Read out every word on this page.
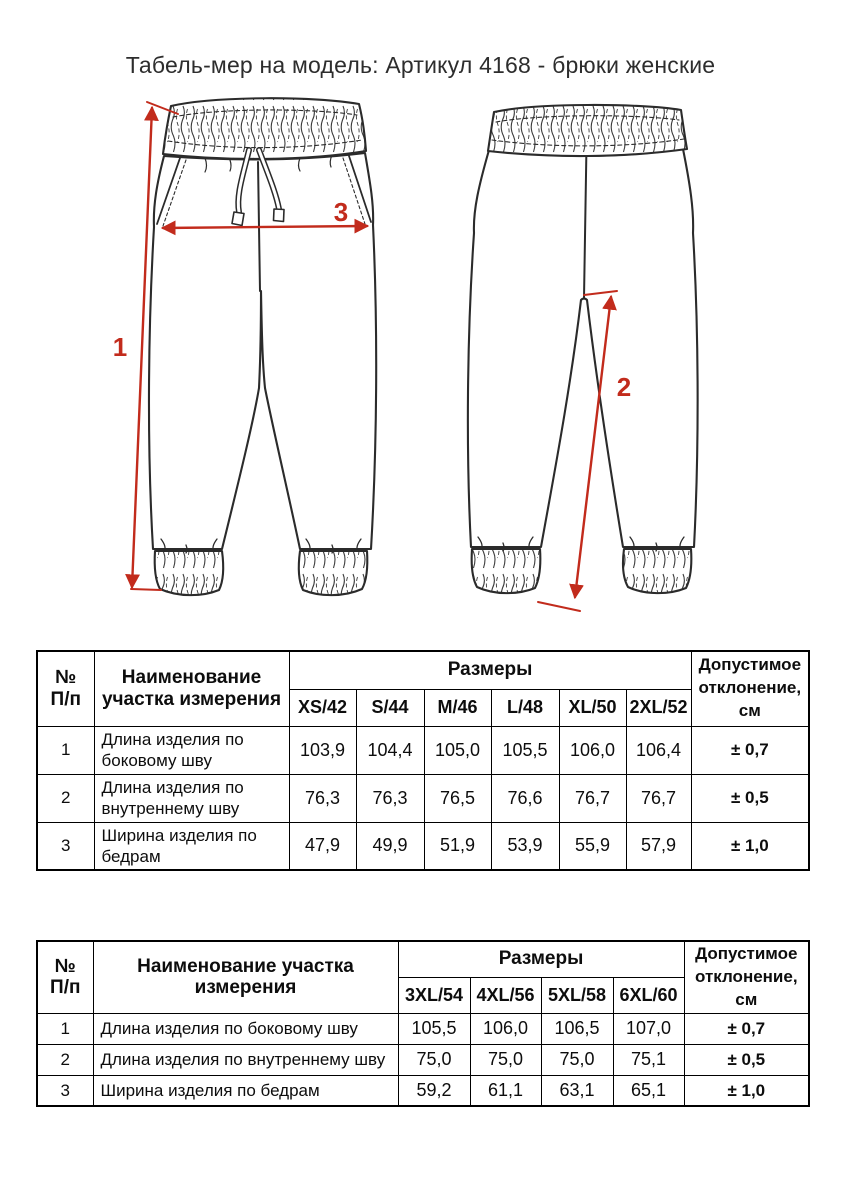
Табель-мер на модель: Артикул 4168 - брюки женские
1
3
2
№
П/п	Наименование участка измерения	Размеры						Допустимое отклонение, см
		XS/42	S/44	M/46	L/48	XL/50	2XL/52	
1	Длина изделия по боковому шву	103,9	104,4	105,0	105,5	106,0	106,4	± 0,7
2	Длина изделия по внутреннему шву	76,3	76,3	76,5	76,6	76,7	76,7	± 0,5
3	Ширина изделия по бедрам	47,9	49,9	51,9	53,9	55,9	57,9	± 1,0
№
П/п	Наименование участка измерения	Размеры				Допустимое отклонение, см
		3XL/54	4XL/56	5XL/58	6XL/60	
1	Длина изделия по боковому шву	105,5	106,0	106,5	107,0	± 0,7
2	Длина изделия по внутреннему шву	75,0	75,0	75,0	75,1	± 0,5
3	Ширина изделия по бедрам	59,2	61,1	63,1	65,1	± 1,0
